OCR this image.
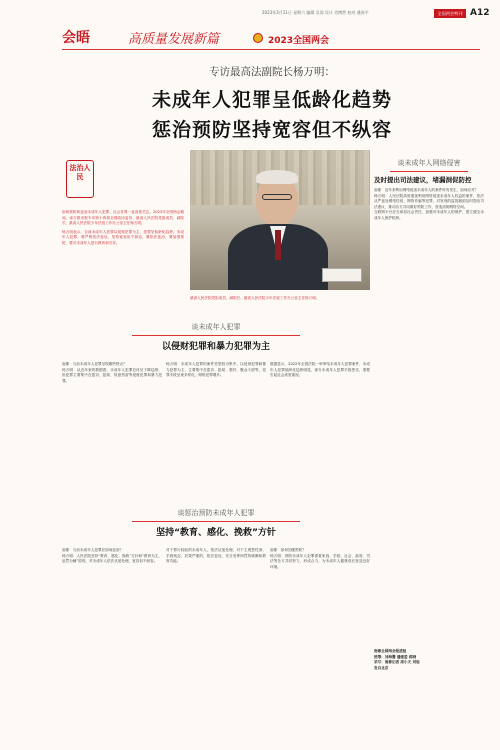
2023年3月11日 星期六 编辑 吴涛 设计 肖博然 校对 潘涛平	全国两会特刊 A12
会晤	高质量发展新篇	2023全国两会
专访最高法副院长杨万明：
未成年人犯罪呈低龄化趋势
惩治预防坚持宽容但不纵容
法治人民

如何预防和惩治未成年人犯罪，社会各界一直高度关注。2023年全国两会期间，南方都市报专访第十四届全国政协委员、最高人民法院党组成员、副院长、最高人民法院少年法庭工作办公室主任杨万明。

杨万明表示，目前未成年人犯罪以侵财犯罪为主，犯罪呈低龄化趋势。未成年人犯罪，要严格依法惩处，坚持宽容但不纵容，要依法惩治，要加强预防，要对未成年人进行教育和引导。

最高人民法院党组成员、副院长、最高人民法院少年法庭工作办公室主任杨万明。

谈未成年人犯罪
以侵财犯罪和暴力犯罪为主

南都：当前未成年人犯罪呈现哪些特点？
杨万明：从近年来的数据看，未成年人犯罪总体呈下降趋势，但犯罪主要集中在盗窃、抢劫、故意伤害等侵财犯罪和暴力犯罪。

杨万明：未成年人犯罪的案件类型较为集中，以侵财犯罪和暴力犯罪为主，主要集中在盗窃、抢劫、强奸、聚众斗殴等，犯罪手段呈现多样化，网络犯罪增多。

数据显示，2022年全国法院一审审结未成年人犯罪案件，未成年人犯罪低龄化趋势明显，部分未成年人犯罪手段恶劣，需要引起社会高度重视。

谈惩治预防未成年人犯罪
坚持“教育、感化、挽救”方针

南都：当前未成年人犯罪应如何惩治？
杨万明：人民法院坚持“教育、感化、挽救”方针和“教育为主、惩罚为辅”原则，对未成年人依法从宽处理，宽容但不纵容。

对于罪行较轻的未成年人，依法从宽处理；对于主观恶性深、手段残忍、后果严重的，依法惩处，充分发挥刑罚的威慑和教育功能。

南都：如何加强预防？
杨万明：预防未成年人犯罪需要家庭、学校、社会、政府、司法等各方共同努力，形成合力，为未成年人健康成长营造良好环境。

谈未成年人网络侵害
及时提出司法建议，堵漏洞促防控

南都：近年来利用网络侵害未成年人的案件时有发生，如何应对？
杨万明：人民法院高度重视利用网络侵害未成年人权益的案件，依法从严惩处网络性侵、网络诈骗等犯罪，对发现的监管漏洞及时提出司法建议，推动各方共同做好预防工作，营造清朗网络空间。
互联网平台应当承担社会责任，加强对未成年人的保护，建立健全未成年人保护机制。

南都全国两会报道组
统筹：刘海鹰 潘建爱 蒋晓
采写：南都记者 周小天 刘旭
发自北京
